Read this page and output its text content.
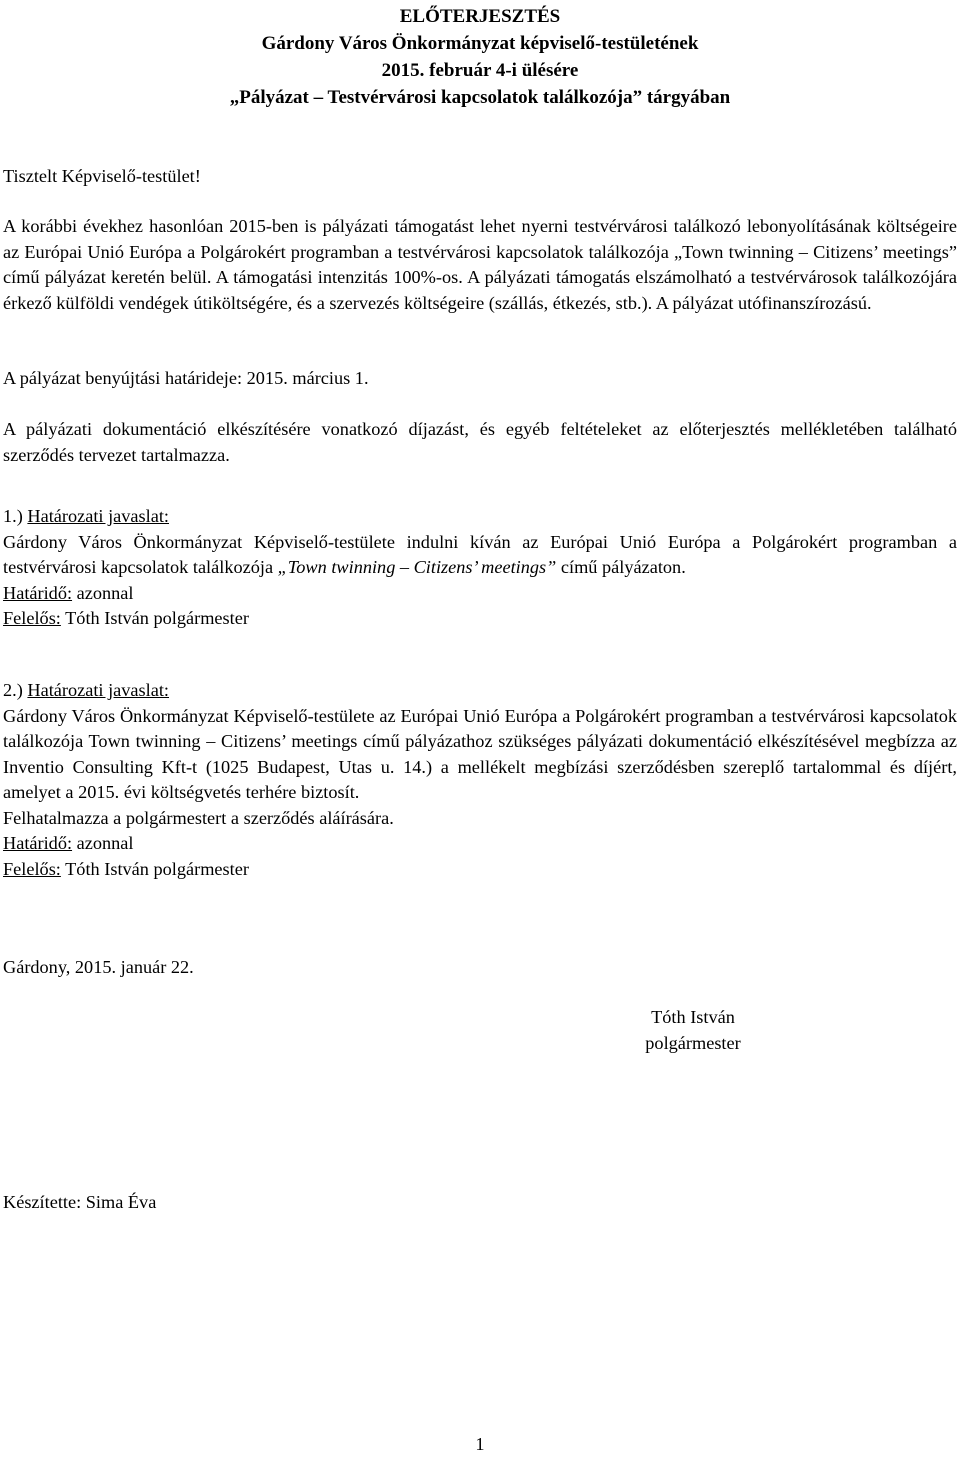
ELŐTERJESZTÉS
Gárdony Város Önkormányzat képviselő-testületének
2015. február 4-i ülésére
„Pályázat – Testvérvárosi kapcsolatok találkozója” tárgyában
Tisztelt Képviselő-testület!
A korábbi évekhez hasonlóan 2015-ben is pályázati támogatást lehet nyerni testvérvárosi találkozó lebonyolításának költségeire az Európai Unió Európa a Polgárokért programban a testvérvárosi kapcsolatok találkozója „Town twinning – Citizens’ meetings” című pályázat keretén belül. A támogatási intenzitás 100%-os. A pályázati támogatás elszámolható a testvérvárosok találkozójára érkező külföldi vendégek útiköltségére, és a szervezés költségeire (szállás, étkezés, stb.). A pályázat utófinanszírozású.
A pályázat benyújtási határideje: 2015. március 1.
A pályázati dokumentáció elkészítésére vonatkozó díjazást, és egyéb feltételeket az előterjesztés mellékletében található szerződés tervezet tartalmazza.
1.) Határozati javaslat:
Gárdony Város Önkormányzat Képviselő-testülete indulni kíván az Európai Unió Európa a Polgárokért programban a testvérvárosi kapcsolatok találkozója „Town twinning – Citizens’ meetings” című pályázaton.
Határidő: azonnal
Felelős: Tóth István polgármester
2.) Határozati javaslat:
Gárdony Város Önkormányzat Képviselő-testülete az Európai Unió Európa a Polgárokért programban a testvérvárosi kapcsolatok találkozója Town twinning – Citizens’ meetings című pályázathoz szükséges pályázati dokumentáció elkészítésével megbízza az Inventio Consulting Kft-t (1025 Budapest, Utas u. 14.) a mellékelt megbízási szerződésben szereplő tartalommal és díjért, amelyet a 2015. évi költségvetés terhére biztosít.
Felhatalmazza a polgármestert a szerződés aláírására.
Határidő: azonnal
Felelős: Tóth István polgármester
Gárdony, 2015. január 22.
Tóth István
polgármester
Készítette: Sima Éva
1
